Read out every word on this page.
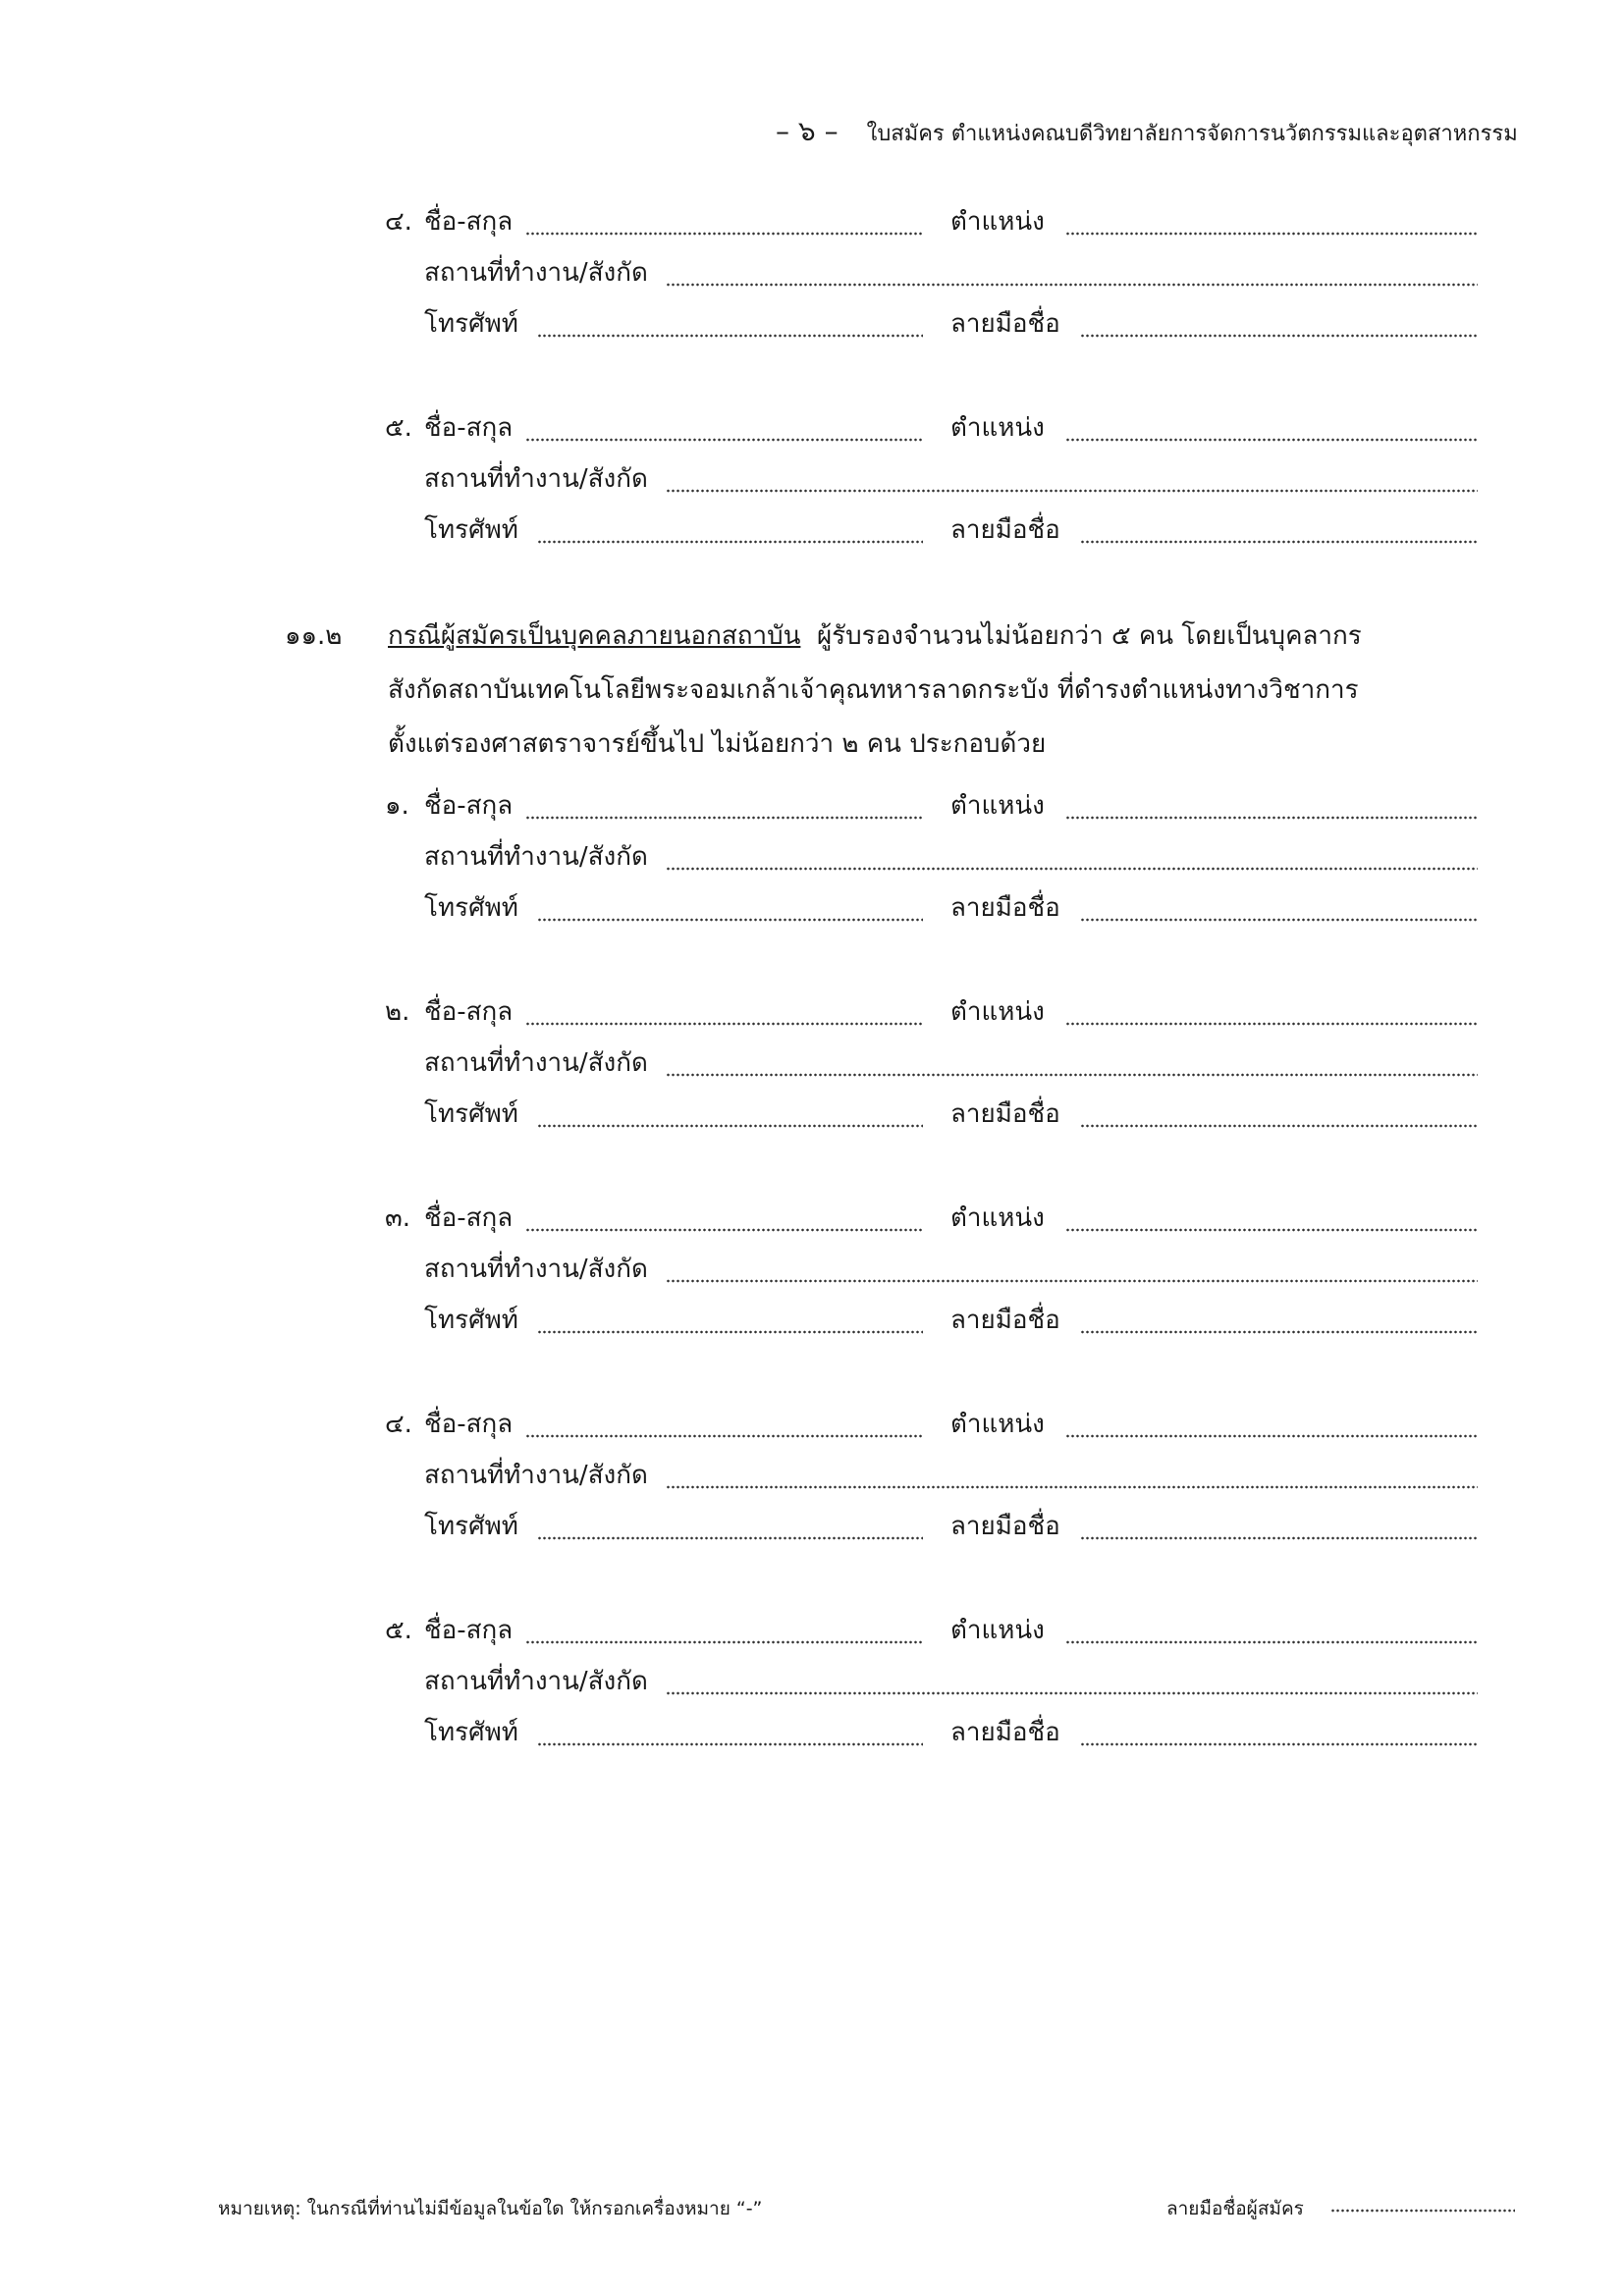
– ๖ – ใบสมัคร ตำแหน่งคณบดีวิทยาลัยการจัดการนวัตกรรมและอุตสาหกรรม
๔. ชื่อ-สกุล	ตำแหน่ง
สถานที่ทำงาน/สังกัด
โทรศัพท์	ลายมือชื่อ
๕. ชื่อ-สกุล	ตำแหน่ง
สถานที่ทำงาน/สังกัด
โทรศัพท์	ลายมือชื่อ
๑๑.๒ กรณีผู้สมัครเป็นบุคคลภายนอกสถาบัน ผู้รับรองจำนวนไม่น้อยกว่า ๕ คน โดยเป็นบุคลากร
สังกัดสถาบันเทคโนโลยีพระจอมเกล้าเจ้าคุณทหารลาดกระบัง ที่ดำรงตำแหน่งทางวิชาการ
ตั้งแต่รองศาสตราจารย์ขึ้นไป ไม่น้อยกว่า ๒ คน ประกอบด้วย
๑. ชื่อ-สกุล	ตำแหน่ง
สถานที่ทำงาน/สังกัด
โทรศัพท์	ลายมือชื่อ
๒. ชื่อ-สกุล	ตำแหน่ง
สถานที่ทำงาน/สังกัด
โทรศัพท์	ลายมือชื่อ
๓. ชื่อ-สกุล	ตำแหน่ง
สถานที่ทำงาน/สังกัด
โทรศัพท์	ลายมือชื่อ
๔. ชื่อ-สกุล	ตำแหน่ง
สถานที่ทำงาน/สังกัด
โทรศัพท์	ลายมือชื่อ
๕. ชื่อ-สกุล	ตำแหน่ง
สถานที่ทำงาน/สังกัด
โทรศัพท์	ลายมือชื่อ
หมายเหตุ: ในกรณีที่ท่านไม่มีข้อมูลในข้อใด ให้กรอกเครื่องหมาย “-”	ลายมือชื่อผู้สมัคร
